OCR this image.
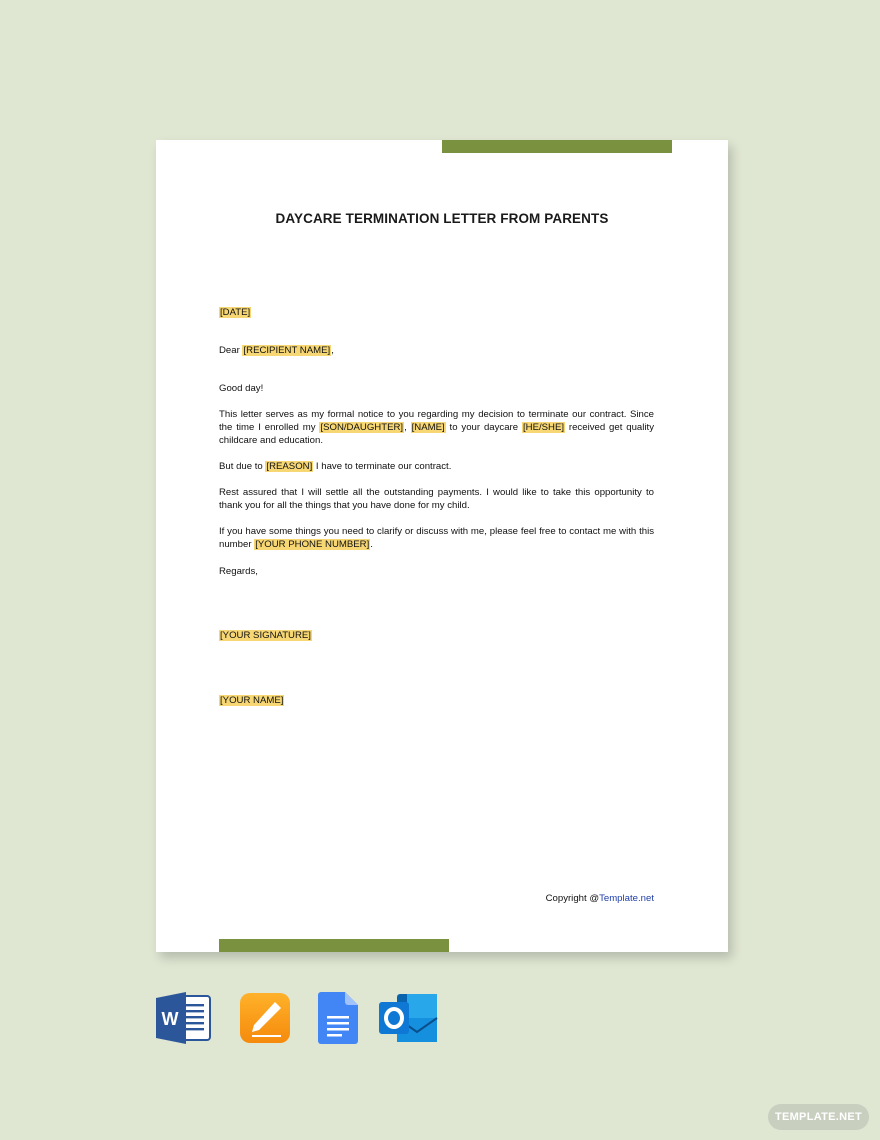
DAYCARE TERMINATION LETTER FROM PARENTS
[DATE]
Dear [RECIPIENT NAME],
Good day!
This letter serves as my formal notice to you regarding my decision to terminate our contract. Since the time I enrolled my [SON/DAUGHTER], [NAME] to your daycare [HE/SHE] received get quality childcare and education.
But due to [REASON] I have to terminate our contract.
Rest assured that I will settle all the outstanding payments. I would like to take this opportunity to thank you for all the things that you have done for my child.
If you have some things you need to clarify or discuss with me, please feel free to contact me with this number [YOUR PHONE NUMBER].
Regards,
[YOUR SIGNATURE]
[YOUR NAME]
Copyright @Template.net
W
TEMPLATE.NET
